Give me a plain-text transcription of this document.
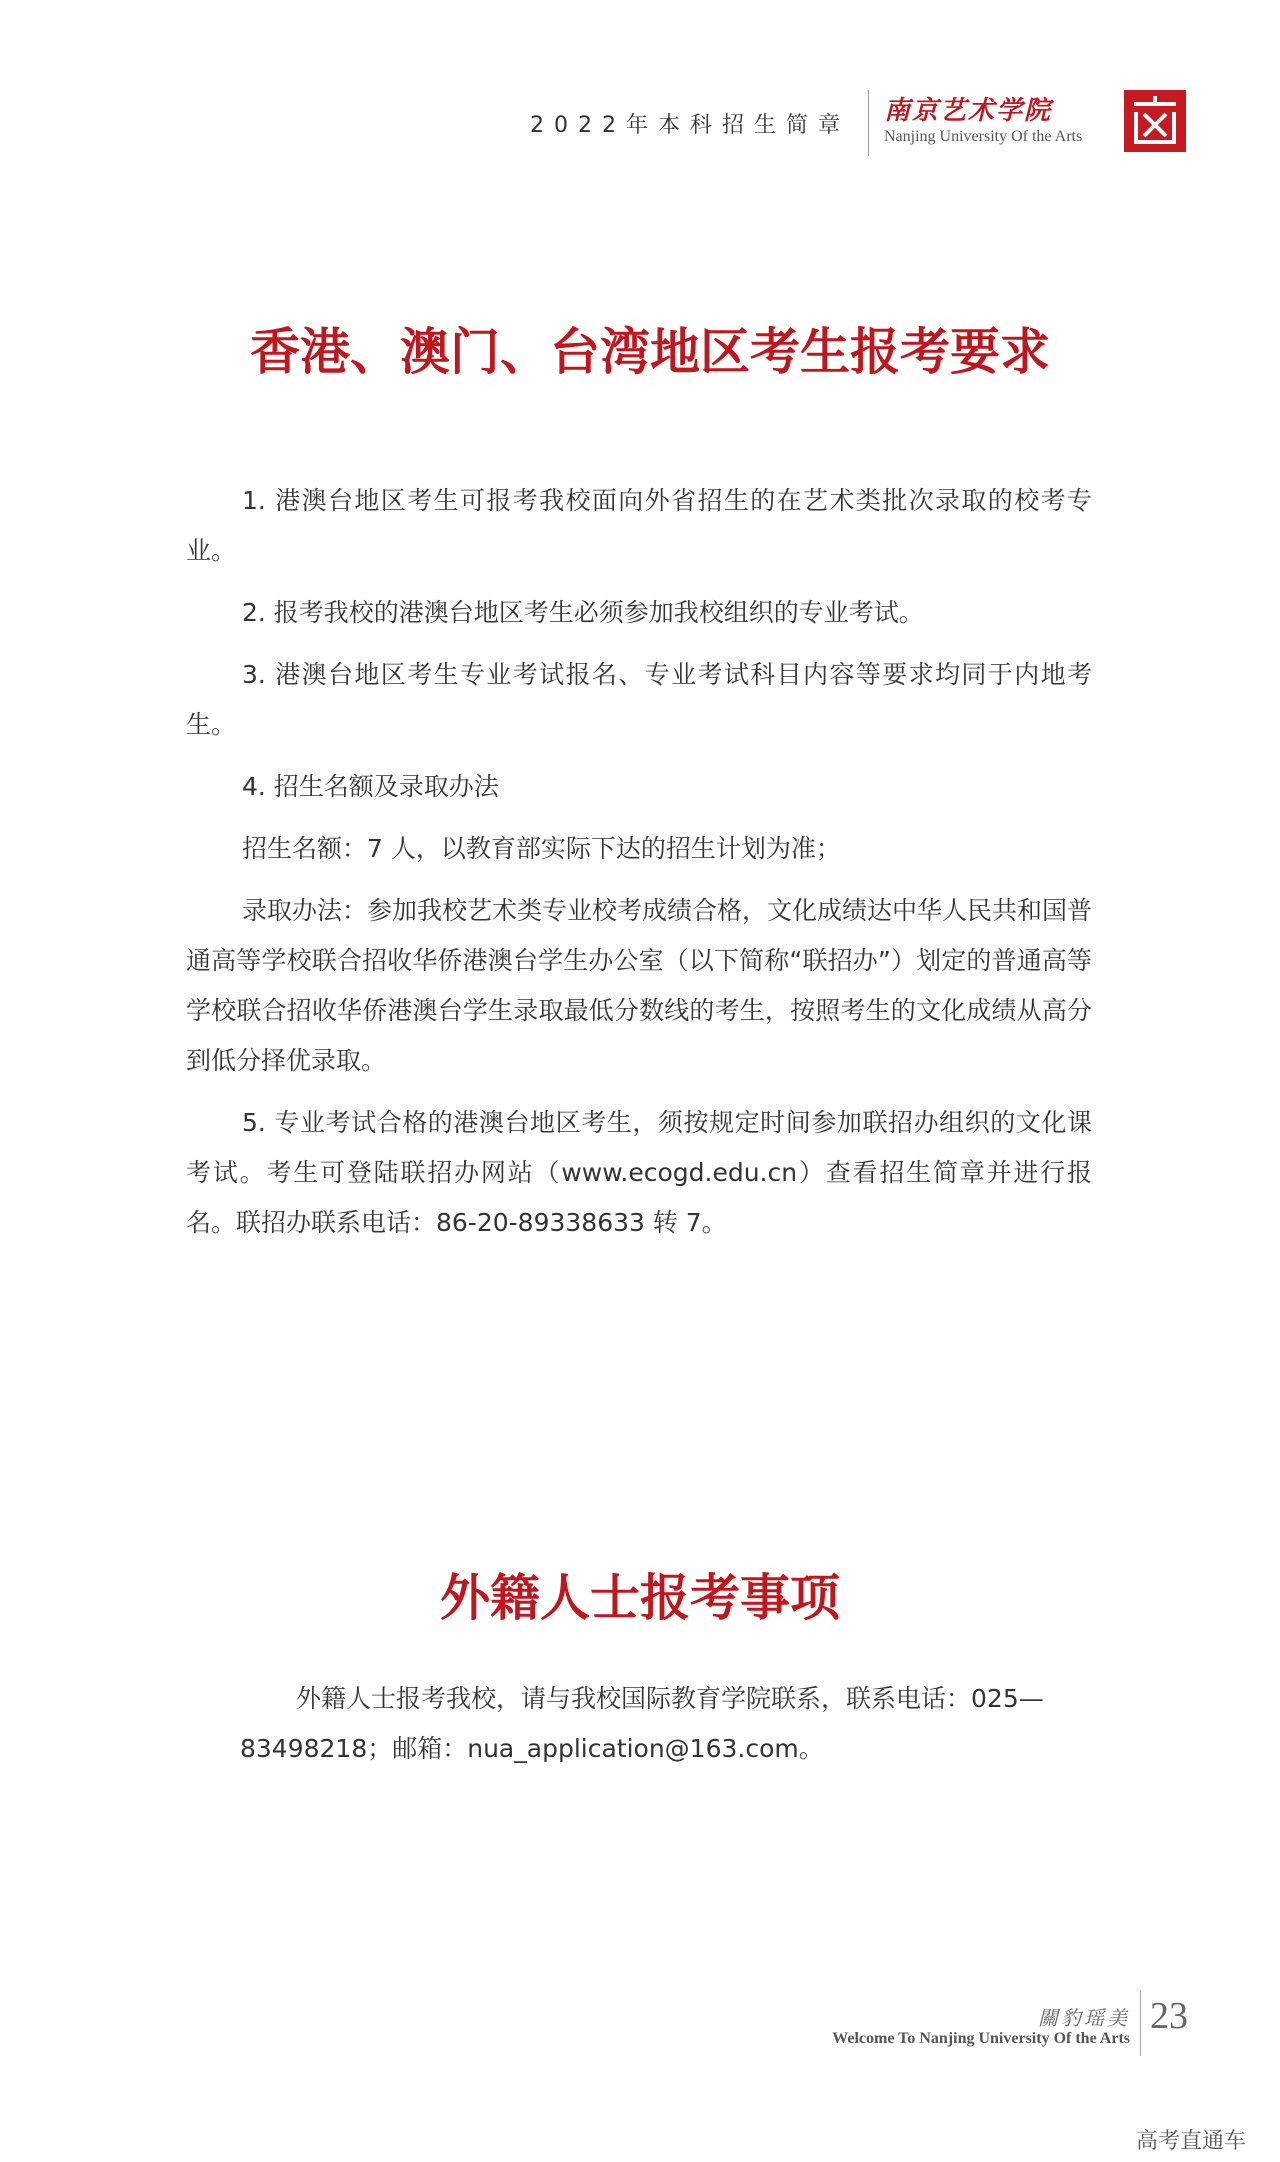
2022年本科招生简章 南京艺术学院
Nanjing University Of the Arts
香港、澳门、台湾地区考生报考要求

1. 港澳台地区考生可报考我校面向外省招生的在艺术类批次录取的校考专业。

2. 报考我校的港澳台地区考生必须参加我校组织的专业考试。

3. 港澳台地区考生专业考试报名、专业考试科目内容等要求均同于内地考生。

4. 招生名额及录取办法

招生名额：7 人，以教育部实际下达的招生计划为准；

录取办法：参加我校艺术类专业校考成绩合格，文化成绩达中华人民共和国普通高等学校联合招收华侨港澳台学生办公室（以下简称“联招办”）划定的普通高等学校联合招收华侨港澳台学生录取最低分数线的考生，按照考生的文化成绩从高分到低分择优录取。

5. 专业考试合格的港澳台地区考生，须按规定时间参加联招办组织的文化课考试。考生可登陆联招办网站（www.ecogd.edu.cn）查看招生简章并进行报名。联招办联系电话：86-20-89338633 转 7。

外籍人士报考事项

外籍人士报考我校，请与我校国际教育学院联系，联系电话：025—83498218；邮箱：nua_application@163.com。

關豹瑶美
Welcome To Nanjing University Of the Arts
23
高考直通车
